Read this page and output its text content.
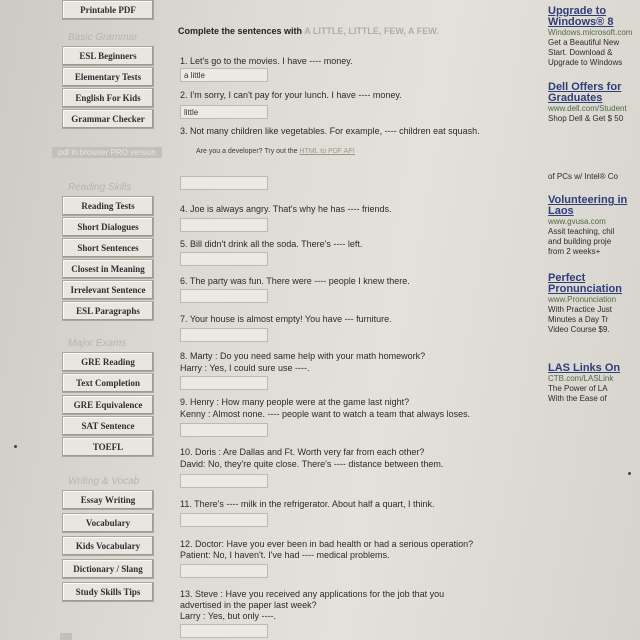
Printable PDF
Basic Grammar
ESL Beginners
Elementary Tests
English For Kids
Grammar Checker
Reading Skills
Reading Tests
Short Dialogues
Short Sentences
Closest in Meaning
Irrelevant Sentence
ESL Paragraphs
Major Exams
GRE Reading
Text Completion
GRE Equivalence
SAT Sentence
TOEFL
Writing & Vocab
Essay Writing
Vocabulary
Kids Vocabulary
Dictionary / Slang
Study Skills Tips
pdf in browser PRO version	Are you a developer? Try out the HTML to PDF API
Complete the sentences with A LITTLE, LITTLE, FEW, A FEW.
1. Let's go to the movies. I have ---- money.
a little
2. I'm sorry, I can't pay for your lunch. I have ---- money.
little
3. Not many children like vegetables. For example, ---- children eat squash.
4. Joe is always angry. That's why he has ---- friends.
5. Bill didn't drink all the soda. There's ---- left.
6. The party was fun. There were ---- people I knew there.
7. Your house is almost empty! You have --- furniture.
8. Marty : Do you need same help with your math homework?
Harry : Yes, I could sure use ----.
9. Henry : How many people were at the game last night?
Kenny : Almost none. ---- people want to watch a team that always loses.
10. Doris : Are Dallas and Ft. Worth very far from each other?
David: No, they're quite close. There's ---- distance between them.
11. There's ---- milk in the refrigerator. About half a quart, I think.
12. Doctor: Have you ever been in bad health or had a serious operation?
Patient: No, I haven't. I've had ---- medical problems.
13. Steve : Have you received any applications for the job that you
advertised in the paper last week?
Larry : Yes, but only ----.
Upgrade to
Windows® 8
Windows.microsoft.com
Get a Beautiful New
Start. Download &
Upgrade to Windows
Dell Offers for
Graduates
www.dell.com/Student
Shop Dell & Get $ 50
of PCs w/ Intel® Co
Volunteering in
Laos
www.gvusa.com
Assit teaching, chil
and building proje
from 2 weeks+
Perfect
Pronunciation
www.Pronunciation
With Practice Just
Minutes a Day Tr
Video Course $9.
LAS Links On
CTB.com/LASLink
The Power of LA
With the Ease of
